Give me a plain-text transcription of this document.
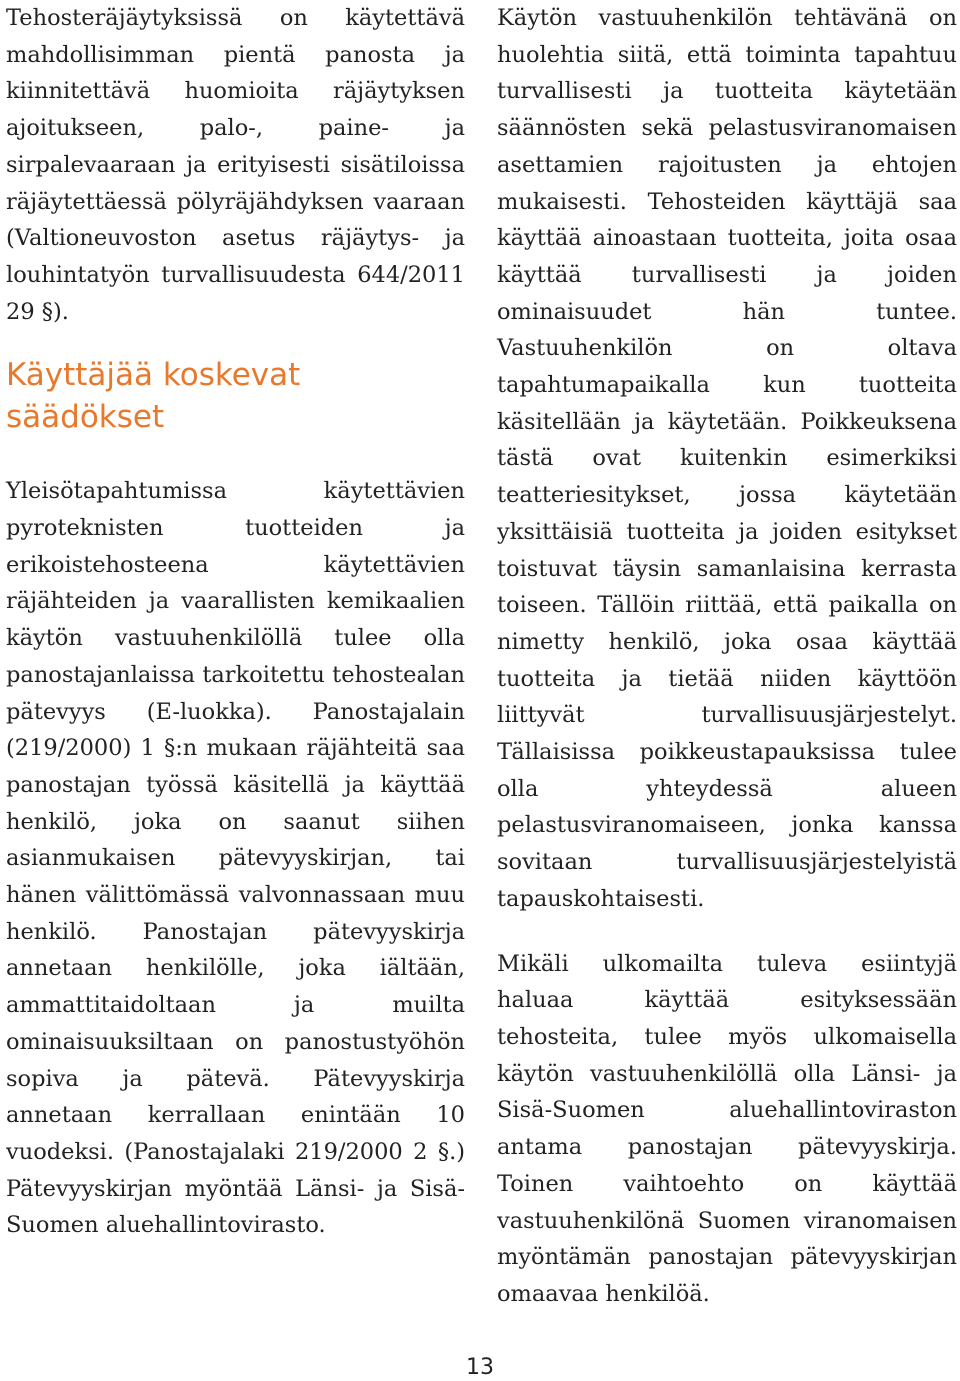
Tehosteräjäytyksissä on käytettävä mahdollisimman pientä panosta ja kiinnitettävä huomioita räjäytyksen ajoitukseen, palo-, paine- ja sirpalevaaraan ja erityisesti sisätiloissa räjäytettäessä pölyräjähdyksen vaaraan (Valtioneuvoston asetus räjäytys- ja louhintatyön turvallisuudesta 644/2011 29 §).

Käyttäjää koskevat säädökset

Yleisötapahtumissa käytettävien pyroteknisten tuotteiden ja erikoistehosteena käytettävien räjähteiden ja vaarallisten kemikaalien käytön vastuuhenkilöllä tulee olla panostajanlaissa tarkoitettu tehostealan pätevyys (E-luokka). Panostajalain (219/2000) 1 §:n mukaan räjähteitä saa panostajan työssä käsitellä ja käyttää henkilö, joka on saanut siihen asianmukaisen pätevyyskirjan, tai hänen välittömässä valvonnassaan muu henkilö. Panostajan pätevyyskirja annetaan henkilölle, joka iältään, ammattitaidoltaan ja muilta ominaisuuksiltaan on panostustyöhön sopiva ja pätevä. Pätevyyskirja annetaan kerrallaan enintään 10 vuodeksi. (Panostajalaki 219/2000 2 §.) Pätevyyskirjan myöntää Länsi- ja Sisä-Suomen aluehallintovirasto.

Käytön vastuuhenkilön tehtävänä on huolehtia siitä, että toiminta tapahtuu turvallisesti ja tuotteita käytetään säännösten sekä pelastusviranomaisen asettamien rajoitusten ja ehtojen mukaisesti. Tehosteiden käyttäjä saa käyttää ainoastaan tuotteita, joita osaa käyttää turvallisesti ja joiden ominaisuudet hän tuntee. Vastuuhenkilön on oltava tapahtumapaikalla kun tuotteita käsitellään ja käytetään. Poikkeuksena tästä ovat kuitenkin esimerkiksi teatteriesitykset, jossa käytetään yksittäisiä tuotteita ja joiden esitykset toistuvat täysin samanlaisina kerrasta toiseen. Tällöin riittää, että paikalla on nimetty henkilö, joka osaa käyttää tuotteita ja tietää niiden käyttöön liittyvät turvallisuusjärjestelyt. Tällaisissa poikkeustapauksissa tulee olla yhteydessä alueen pelastusviranomaiseen, jonka kanssa sovitaan turvallisuusjärjestelyistä tapauskohtaisesti.

Mikäli ulkomailta tuleva esiintyjä haluaa käyttää esityksessään tehosteita, tulee myös ulkomaisella käytön vastuuhenkilöllä olla Länsi- ja Sisä-Suomen aluehallintoviraston antama panostajan pätevyyskirja. Toinen vaihtoehto on käyttää vastuuhenkilönä Suomen viranomaisen myöntämän panostajan pätevyyskirjan omaavaa henkilöä.

13
